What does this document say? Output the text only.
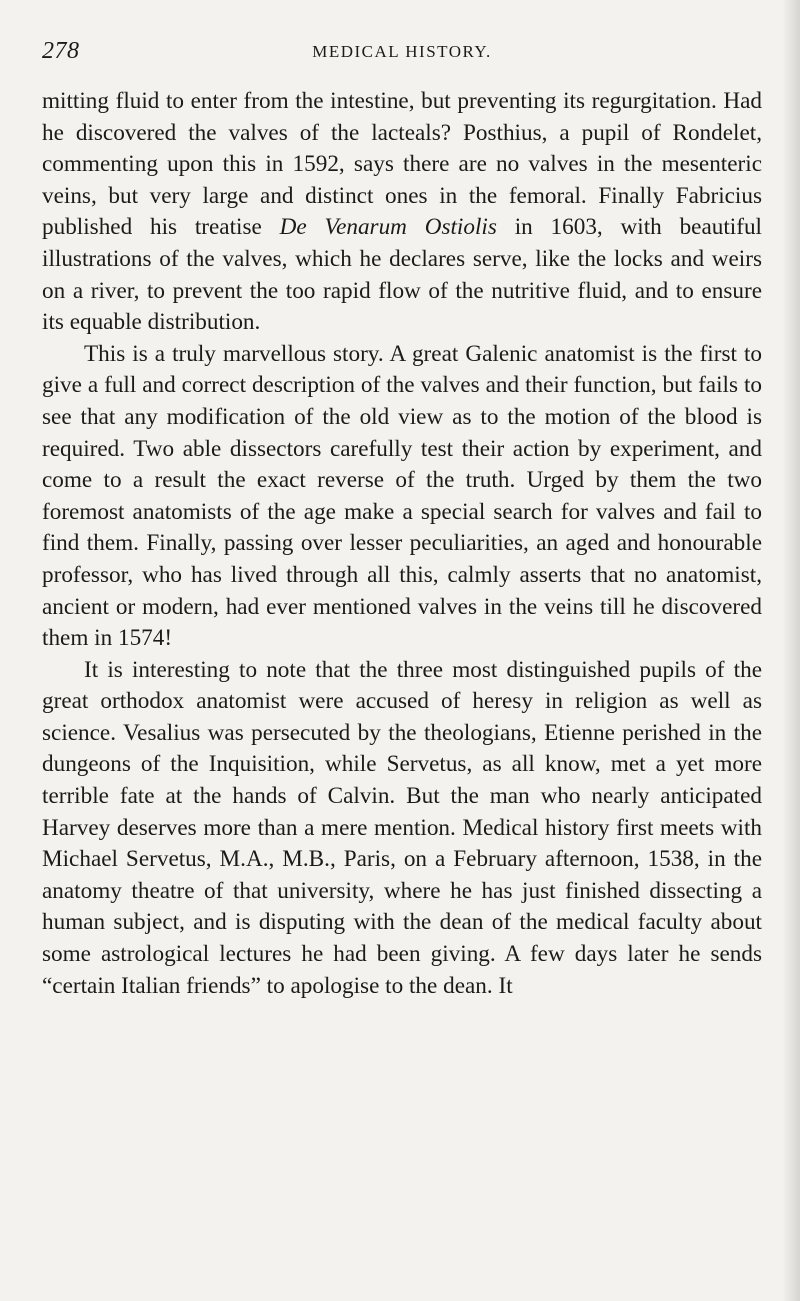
278	MEDICAL HISTORY.

mitting fluid to enter from the intestine, but preventing its regurgitation. Had he discovered the valves of the lacteals? Posthius, a pupil of Rondelet, commenting upon this in 1592, says there are no valves in the mesenteric veins, but very large and distinct ones in the femoral. Finally Fabricius published his treatise De Venarum Ostiolis in 1603, with beautiful illustrations of the valves, which he declares serve, like the locks and weirs on a river, to prevent the too rapid flow of the nutritive fluid, and to ensure its equable distribution.

This is a truly marvellous story. A great Galenic anatomist is the first to give a full and correct description of the valves and their function, but fails to see that any modification of the old view as to the motion of the blood is required. Two able dissectors carefully test their action by experiment, and come to a result the exact reverse of the truth. Urged by them the two foremost anatomists of the age make a special search for valves and fail to find them. Finally, passing over lesser peculiarities, an aged and honourable professor, who has lived through all this, calmly asserts that no anatomist, ancient or modern, had ever mentioned valves in the veins till he discovered them in 1574!

It is interesting to note that the three most distinguished pupils of the great orthodox anatomist were accused of heresy in religion as well as science. Vesalius was persecuted by the theologians, Etienne perished in the dungeons of the Inquisition, while Servetus, as all know, met a yet more terrible fate at the hands of Calvin. But the man who nearly anticipated Harvey deserves more than a mere mention. Medical history first meets with Michael Servetus, M.A., M.B., Paris, on a February afternoon, 1538, in the anatomy theatre of that university, where he has just finished dissecting a human subject, and is disputing with the dean of the medical faculty about some astrological lectures he had been giving. A few days later he sends “certain Italian friends” to apologise to the dean. It
